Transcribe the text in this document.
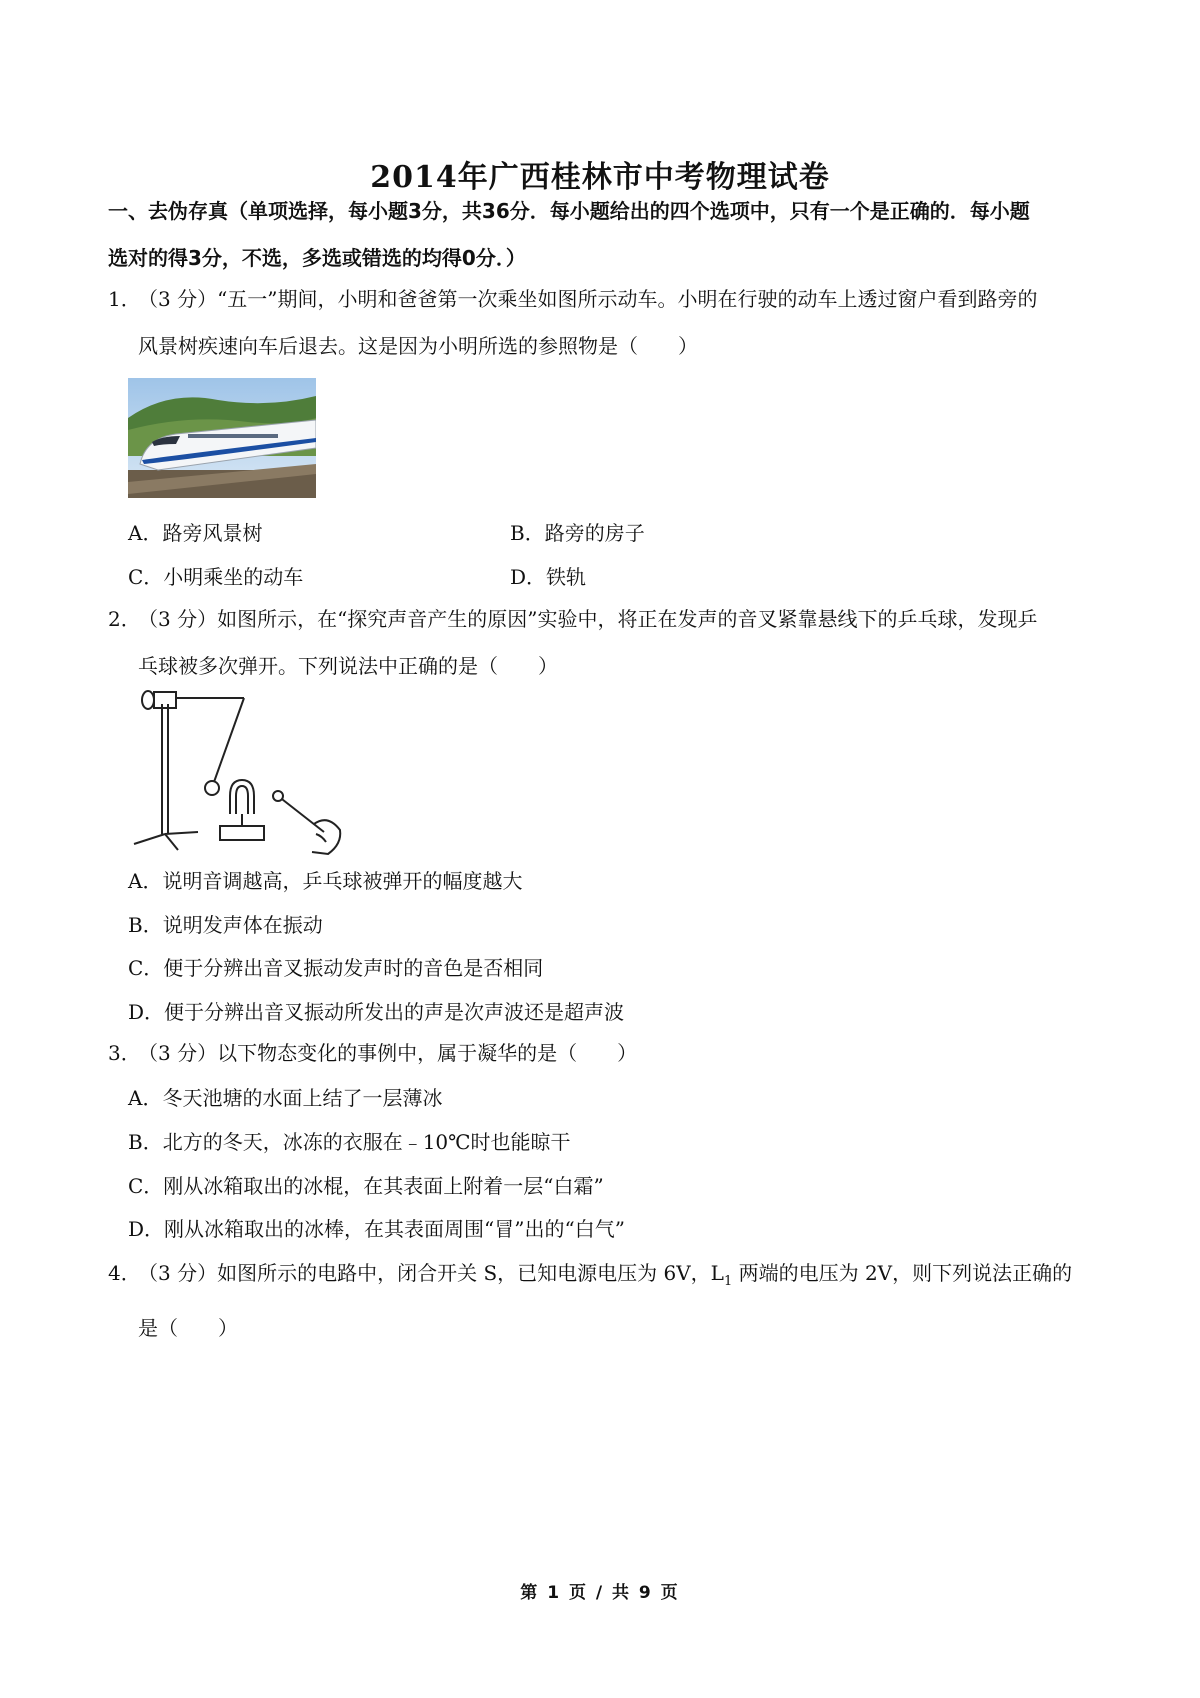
2014年广西桂林市中考物理试卷
一、去伪存真（单项选择，每小题3分，共36分．每小题给出的四个选项中，只有一个是正确的．每小题
选对的得3分，不选，多选或错选的均得0分．）
1．（3 分）“五一”期间，小明和爸爸第一次乘坐如图所示动车。小明在行驶的动车上透过窗户看到路旁的
风景树疾速向车后退去。这是因为小明所选的参照物是（　　）
A．路旁风景树	B．路旁的房子
C．小明乘坐的动车	D．铁轨
2．（3 分）如图所示，在“探究声音产生的原因”实验中，将正在发声的音叉紧靠悬线下的乒乓球，发现乒
乓球被多次弹开。下列说法中正确的是（　　）
A．说明音调越高，乒乓球被弹开的幅度越大
B．说明发声体在振动
C．便于分辨出音叉振动发声时的音色是否相同
D．便于分辨出音叉振动所发出的声是次声波还是超声波
3．（3 分）以下物态变化的事例中，属于凝华的是（　　）
A．冬天池塘的水面上结了一层薄冰
B．北方的冬天，冰冻的衣服在﹣10℃时也能晾干
C．刚从冰箱取出的冰棍，在其表面上附着一层“白霜”
D．刚从冰箱取出的冰棒，在其表面周围“冒”出的“白气”
4．（3 分）如图所示的电路中，闭合开关 S，已知电源电压为 6V，$L_1$ 两端的电压为 2V，则下列说法正确的
是（　　）
第 1 页 / 共 9 页
